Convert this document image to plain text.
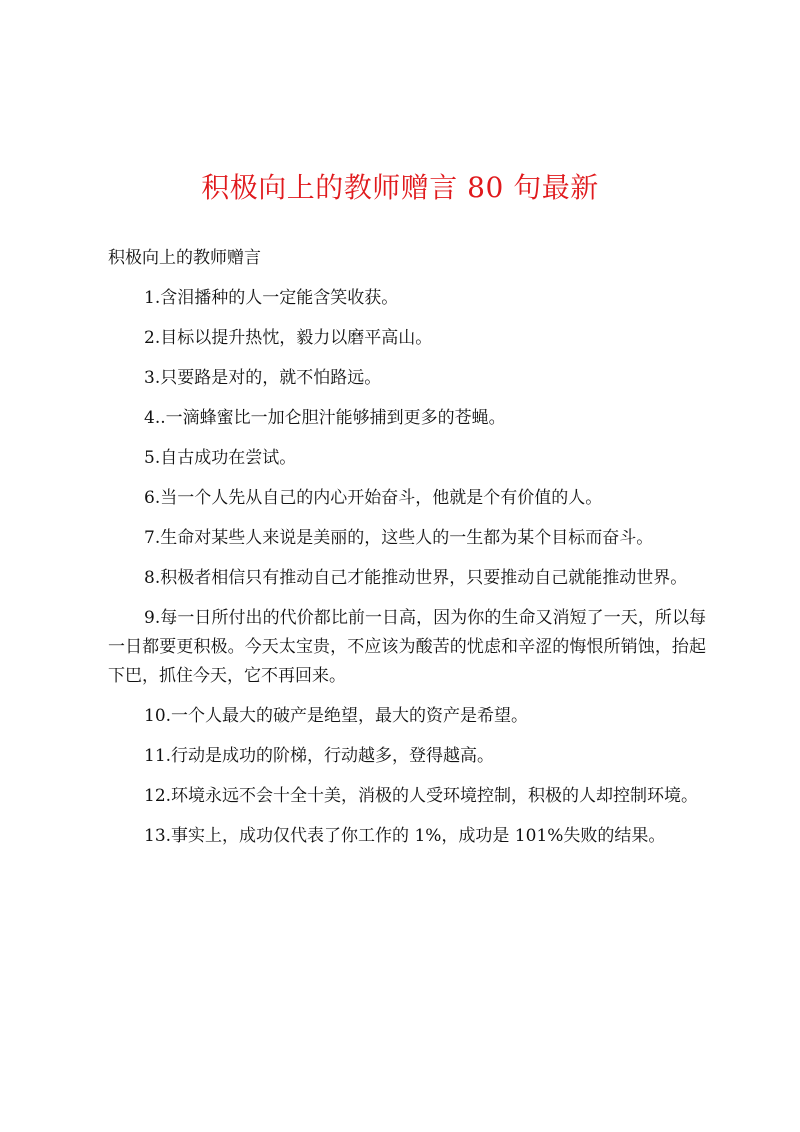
积极向上的教师赠言 80 句最新
积极向上的教师赠言

1.含泪播种的人一定能含笑收获。

2.目标以提升热忱，毅力以磨平高山。

3.只要路是对的，就不怕路远。

4..一滴蜂蜜比一加仑胆汁能够捕到更多的苍蝇。

5.自古成功在尝试。

6.当一个人先从自己的内心开始奋斗，他就是个有价值的人。

7.生命对某些人来说是美丽的，这些人的一生都为某个目标而奋斗。

8.积极者相信只有推动自己才能推动世界，只要推动自己就能推动世界。

9.每一日所付出的代价都比前一日高，因为你的生命又消短了一天，所以每一日都要更积极。今天太宝贵，不应该为酸苦的忧虑和辛涩的悔恨所销蚀，抬起下巴，抓住今天，它不再回来。

10.一个人最大的破产是绝望，最大的资产是希望。

11.行动是成功的阶梯，行动越多，登得越高。

12.环境永远不会十全十美，消极的人受环境控制，积极的人却控制环境。

13.事实上，成功仅代表了你工作的 1%，成功是 101%失败的结果。
